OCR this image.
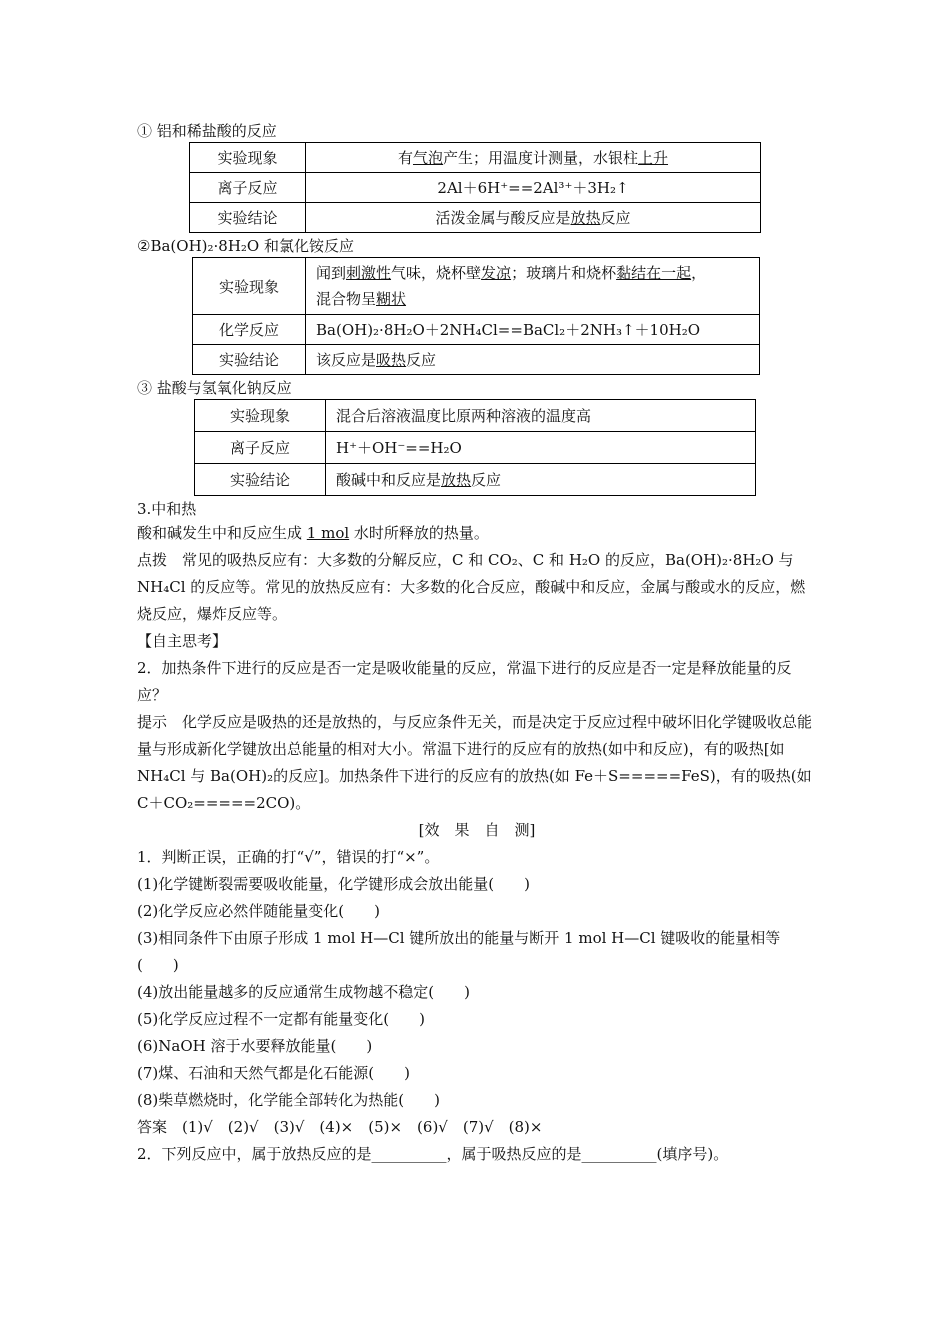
① 铝和稀盐酸的反应
实验现象	有气泡产生；用温度计测量，水银柱上升
离子反应	2Al＋6H⁺==2Al³⁺＋3H₂↑
实验结论	活泼金属与酸反应是放热反应
②Ba(OH)₂·8H₂O 和氯化铵反应
实验现象	闻到刺激性气味，烧杯壁发凉；玻璃片和烧杯黏结在一起，
混合物呈糊状
化学反应	Ba(OH)₂·8H₂O＋2NH₄Cl==BaCl₂＋2NH₃↑＋10H₂O
实验结论	该反应是吸热反应
③ 盐酸与氢氧化钠反应
实验现象	混合后溶液温度比原两种溶液的温度高
离子反应	H⁺＋OH⁻==H₂O
实验结论	酸碱中和反应是放热反应
3.中和热
酸和碱发生中和反应生成 1 mol 水时所释放的热量。
点拨　常见的吸热反应有：大多数的分解反应，C 和 CO₂、C 和 H₂O 的反应，Ba(OH)₂·8H₂O 与 NH₄Cl 的反应等。常见的放热反应有：大多数的化合反应，酸碱中和反应，金属与酸或水的反应，燃烧反应，爆炸反应等。
【自主思考】
2．加热条件下进行的反应是否一定是吸收能量的反应，常温下进行的反应是否一定是释放能量的反应？
提示　化学反应是吸热的还是放热的，与反应条件无关，而是决定于反应过程中破坏旧化学键吸收总能量与形成新化学键放出总能量的相对大小。常温下进行的反应有的放热(如中和反应)，有的吸热[如 NH₄Cl 与 Ba(OH)₂的反应]。加热条件下进行的反应有的放热(如 Fe＋S=====FeS)，有的吸热(如 C＋CO₂=====2CO)。
[效　果　自　测]
1．判断正误，正确的打“√”，错误的打“×”。
(1)化学键断裂需要吸收能量，化学键形成会放出能量(　　)
(2)化学反应必然伴随能量变化(　　)
(3)相同条件下由原子形成 1 mol H—Cl 键所放出的能量与断开 1 mol H—Cl 键吸收的能量相等(　　)
(4)放出能量越多的反应通常生成物越不稳定(　　)
(5)化学反应过程不一定都有能量变化(　　)
(6)NaOH 溶于水要释放能量(　　)
(7)煤、石油和天然气都是化石能源(　　)
(8)柴草燃烧时，化学能全部转化为热能(　　)
答案　(1)√　(2)√　(3)√　(4)×　(5)×　(6)√　(7)√　(8)×
2．下列反应中，属于放热反应的是__________，属于吸热反应的是__________(填序号)。
